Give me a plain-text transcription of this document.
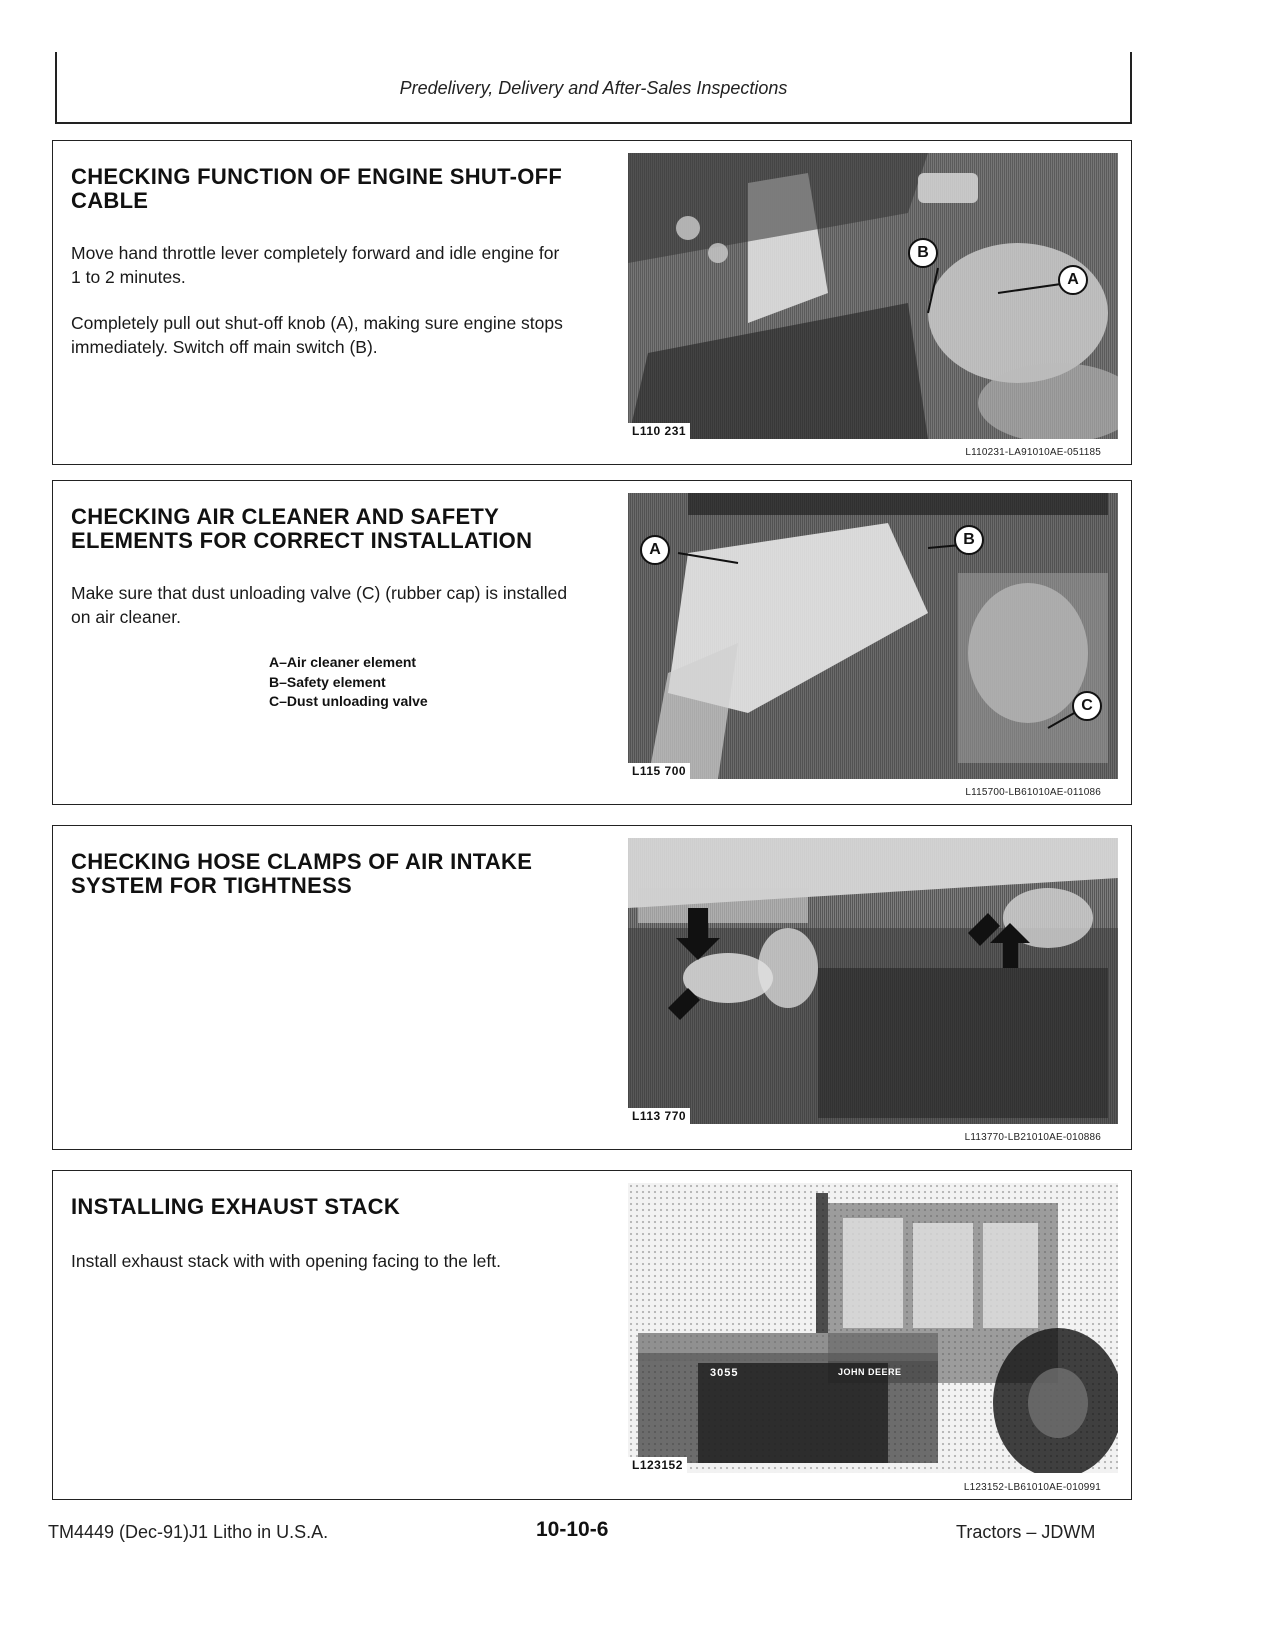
Predelivery, Delivery and After-Sales Inspections
CHECKING FUNCTION OF ENGINE SHUT-OFF CABLE
Move hand throttle lever completely forward and idle engine for 1 to 2 minutes.
Completely pull out shut-off knob (A), making sure engine stops immediately. Switch off main switch (B).
B
A
L110 231
L110231-LA91010AE-051185
CHECKING AIR CLEANER AND SAFETY ELEMENTS FOR CORRECT INSTALLATION
Make sure that dust unloading valve (C) (rubber cap) is installed on air cleaner.
A–Air cleaner element
B–Safety element
C–Dust unloading valve
A
B
C
L115 700
L115700-LB61010AE-011086
CHECKING HOSE CLAMPS OF AIR INTAKE SYSTEM FOR TIGHTNESS
L113 770
L113770-LB21010AE-010886
INSTALLING EXHAUST STACK
Install exhaust stack with with opening facing to the left.
3055	JOHN DEERE
L123152
L123152-LB61010AE-010991
TM4449 (Dec-91)J1 Litho in U.S.A.	10-10-6	Tractors – JDWM
